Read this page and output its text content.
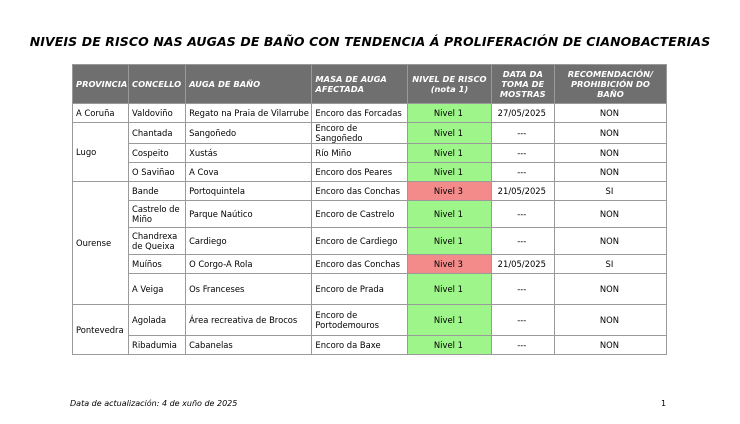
NIVEIS DE RISCO NAS AUGAS DE BAÑO CON TENDENCIA Á PROLIFERACIÓN DE CIANOBACTERIAS
PROVINCIA	CONCELLO	AUGA DE BAÑO	MASA DE AUGA AFECTADA	NIVEL DE RISCO (nota 1)	DATA DA TOMA DE MOSTRAS	RECOMENDACIÓN/ PROHIBICIÓN DO BAÑO
A Coruña	Valdoviño	Regato na Praia de Vilarrube	Encoro das Forcadas	Nivel 1	27/05/2025	NON
Lugo	Chantada	Sangoñedo	Encoro de Sangoñedo	Nivel 1	---	NON
	Cospeito	Xustás	Río Miño	Nivel 1	---	NON
	O Saviñao	A Cova	Encoro dos Peares	Nivel 1	---	NON
Ourense	Bande	Portoquintela	Encoro das Conchas	Nivel 3	21/05/2025	SI
	Castrelo de Miño	Parque Naútico	Encoro de Castrelo	Nivel 1	---	NON
	Chandrexa de Queixa	Cardiego	Encoro de Cardiego	Nivel 1	---	NON
	Muíños	O Corgo-A Rola	Encoro das Conchas	Nivel 3	21/05/2025	SI
	A Veiga	Os Franceses	Encoro de Prada	Nivel 1	---	NON
Pontevedra	Agolada	Área recreativa de Brocos	Encoro de Portodemouros	Nivel 1	---	NON
	Ribadumia	Cabanelas	Encoro da Baxe	Nivel 1	---	NON
Data de actualización: 4 de xuño de 2025	1
